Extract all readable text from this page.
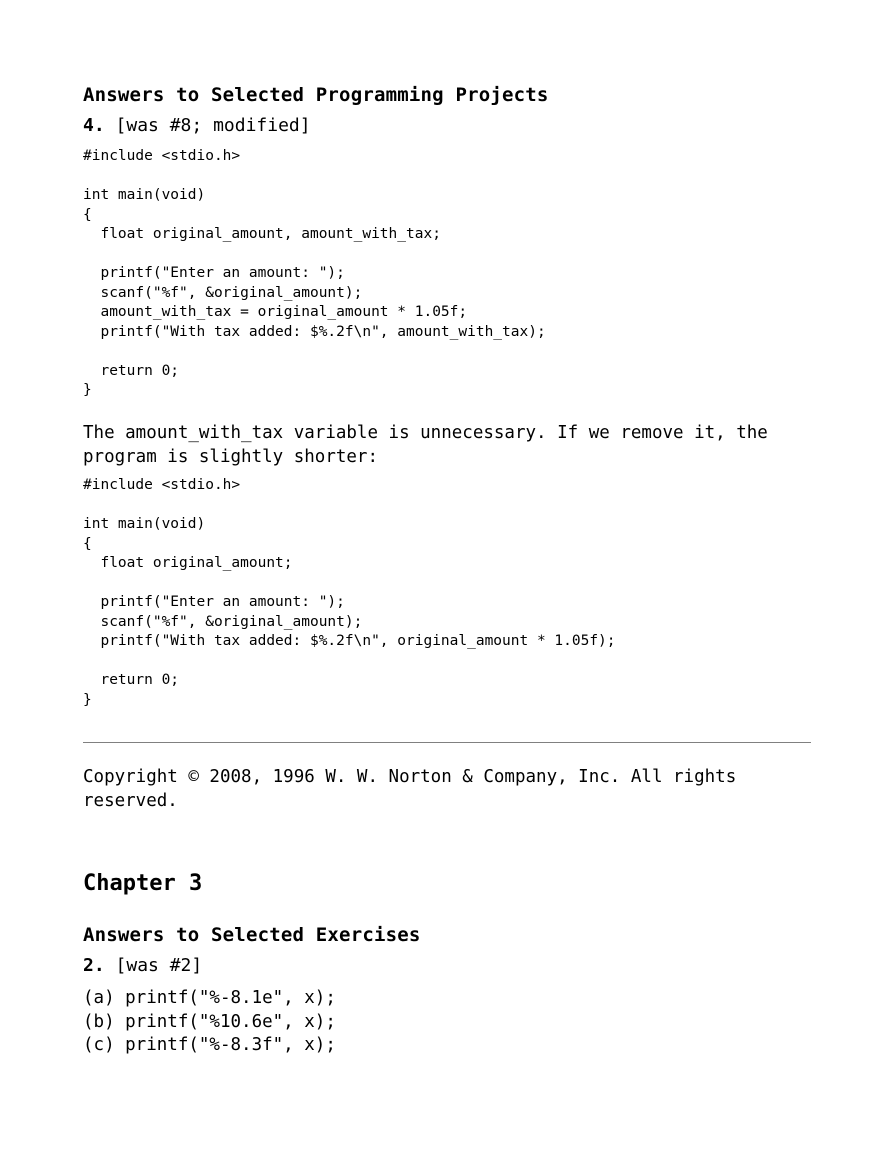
Answers to Selected Programming Projects

4. [was #8; modified]

#include <stdio.h>

int main(void)
{
float original_amount, amount_with_tax;

printf("Enter an amount: ");
scanf("%f", &original_amount);
amount_with_tax = original_amount * 1.05f;
printf("With tax added: $%.2f\n", amount_with_tax);

return 0;
}

The amount_with_tax variable is unnecessary. If we remove it, the program is slightly shorter:

#include <stdio.h>

int main(void)
{
float original_amount;

printf("Enter an amount: ");
scanf("%f", &original_amount);
printf("With tax added: $%.2f\n", original_amount * 1.05f);

return 0;
}

Copyright © 2008, 1996 W. W. Norton & Company, Inc. All rights reserved.

Chapter 3
Answers to Selected Exercises

2. [was #2]

(a) printf("%-8.1e", x);
(b) printf("%10.6e", x);
(c) printf("%-8.3f", x);
